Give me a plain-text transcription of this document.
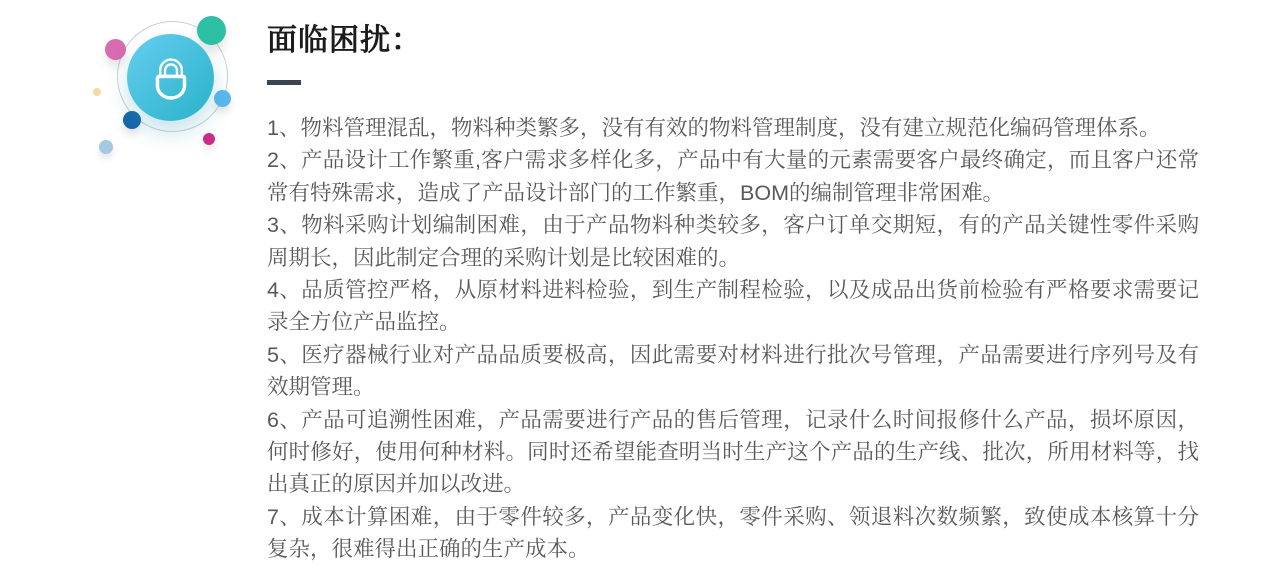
面临困扰：

1、物料管理混乱，物料种类繁多，没有有效的物料管理制度，没有建立规范化编码管理体系。

2、产品设计工作繁重,客户需求多样化多，产品中有大量的元素需要客户最终确定，而且客户还常常有特殊需求，造成了产品设计部门的工作繁重，BOM的编制管理非常困难。

3、物料采购计划编制困难，由于产品物料种类较多，客户订单交期短，有的产品关键性零件采购周期长，因此制定合理的采购计划是比较困难的。

4、品质管控严格，从原材料进料检验，到生产制程检验，以及成品出货前检验有严格要求需要记录全方位产品监控。

5、医疗器械行业对产品品质要极高，因此需要对材料进行批次号管理，产品需要进行序列号及有效期管理。

6、产品可追溯性困难，产品需要进行产品的售后管理，记录什么时间报修什么产品，损坏原因，何时修好，使用何种材料。同时还希望能查明当时生产这个产品的生产线、批次，所用材料等，找出真正的原因并加以改进。

7、成本计算困难，由于零件较多，产品变化快，零件采购、领退料次数频繁，致使成本核算十分复杂，很难得出正确的生产成本。
